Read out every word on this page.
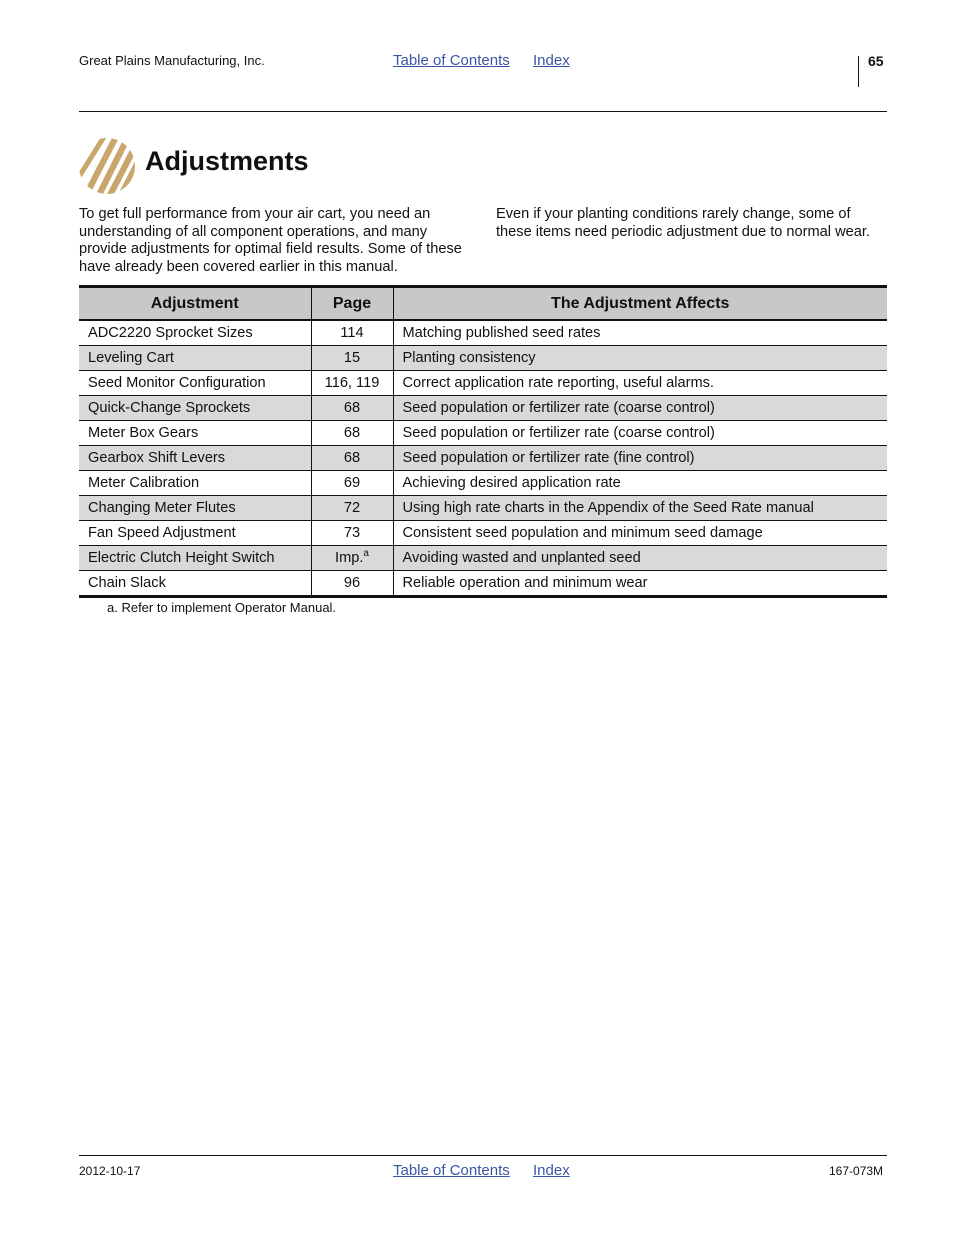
Great Plains Manufacturing, Inc.	Table of Contents Index	65
Adjustments
To get full performance from your air cart, you need an understanding of all component operations, and many provide adjustments for optimal field results. Some of these have already been covered earlier in this manual.
Even if your planting conditions rarely change, some of these items need periodic adjustment due to normal wear.
Adjustment	Page	The Adjustment Affects
ADC2220 Sprocket Sizes	114	Matching published seed rates
Leveling Cart	15	Planting consistency
Seed Monitor Configuration	116, 119	Correct application rate reporting, useful alarms.
Quick-Change Sprockets	68	Seed population or fertilizer rate (coarse control)
Meter Box Gears	68	Seed population or fertilizer rate (coarse control)
Gearbox Shift Levers	68	Seed population or fertilizer rate (fine control)
Meter Calibration	69	Achieving desired application rate
Changing Meter Flutes	72	Using high rate charts in the Appendix of the Seed Rate manual
Fan Speed Adjustment	73	Consistent seed population and minimum seed damage
Electric Clutch Height Switch	Imp.$^a$	Avoiding wasted and unplanted seed
Chain Slack	96	Reliable operation and minimum wear
a. Refer to implement Operator Manual.
2012-10-17	Table of Contents Index	167-073M
